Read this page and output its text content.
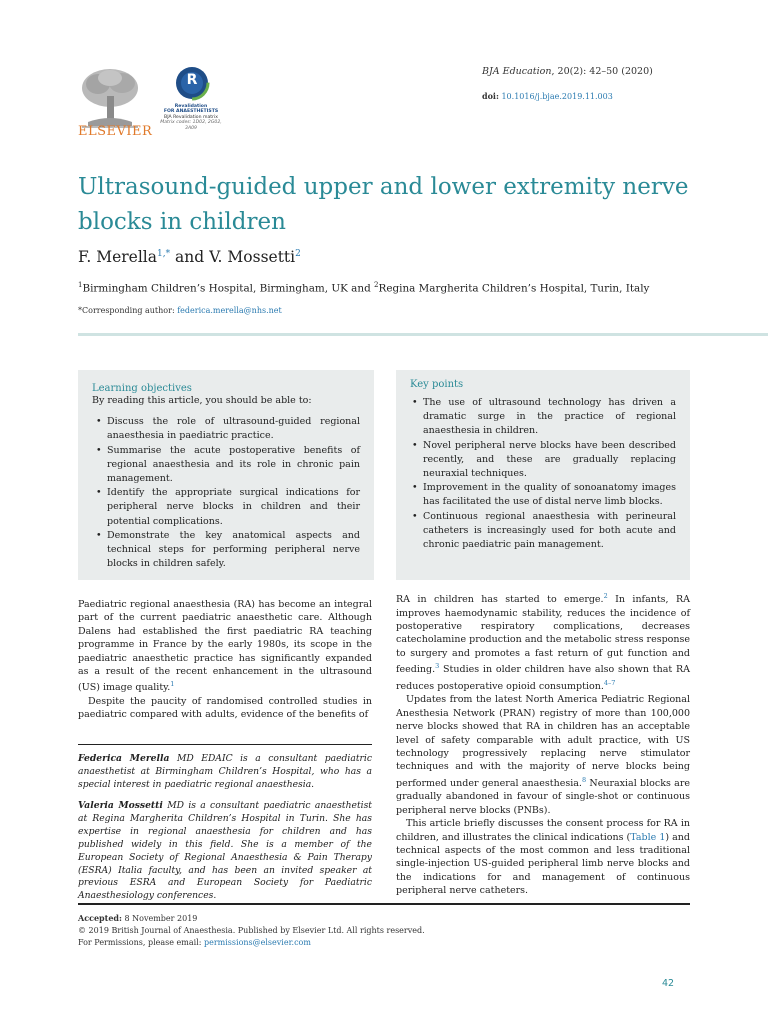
ELSEVIER
R
Revalidation
FOR ANAESTHETISTS
BJA Revalidation matrix
Matrix codes: 1D02, 2G02, 3A09
BJA Education, 20(2): 42–50 (2020)
doi: 10.1016/j.bjae.2019.11.003
Ultrasound-guided upper and lower extremity nerve blocks in children
F. Merella$^{1,*}$ and V. Mossetti$^2$
$^1$Birmingham Children’s Hospital, Birmingham, UK and $^2$Regina Margherita Children’s Hospital, Turin, Italy
*Corresponding author: federica.merella@nhs.net
Learning objectives
By reading this article, you should be able to:
• Discuss the role of ultrasound-guided regional anaesthesia in paediatric practice.
• Summarise the acute postoperative benefits of regional anaesthesia and its role in chronic pain management.
• Identify the appropriate surgical indications for peripheral nerve blocks in children and their potential complications.
• Demonstrate the key anatomical aspects and technical steps for performing peripheral nerve blocks in children safely.
Key points
• The use of ultrasound technology has driven a dramatic surge in the practice of regional anaesthesia in children.
• Novel peripheral nerve blocks have been described recently, and these are gradually replacing neuraxial techniques.
• Improvement in the quality of sonoanatomy images has facilitated the use of distal nerve limb blocks.
• Continuous regional anaesthesia with perineural catheters is increasingly used for both acute and chronic paediatric pain management.

Paediatric regional anaesthesia (RA) has become an integral part of the current paediatric anaesthetic care. Although Dalens had established the first paediatric RA teaching programme in France by the early 1980s, its scope in the paediatric anaesthetic practice has significantly expanded as a result of the recent enhancement in the ultrasound (US) image quality.$^1$

Despite the paucity of randomised controlled studies in paediatric compared with adults, evidence of the benefits of

RA in children has started to emerge.$^2$ In infants, RA improves haemodynamic stability, reduces the incidence of postoperative respiratory complications, decreases catecholamine production and the metabolic stress response to surgery and promotes a fast return of gut function and feeding.$^3$ Studies in older children have also shown that RA reduces postoperative opioid consumption.$^{4-7}$

Updates from the latest North America Pediatric Regional Anesthesia Network (PRAN) registry of more than 100,000 nerve blocks showed that RA in children has an acceptable level of safety comparable with adult practice, with US technology progressively replacing nerve stimulator techniques and with the majority of nerve blocks being performed under general anaesthesia.$^8$ Neuraxial blocks are gradually abandoned in favour of single-shot or continuous peripheral nerve blocks (PNBs).

This article briefly discusses the consent process for RA in children, and illustrates the clinical indications (Table 1) and technical aspects of the most common and less traditional single-injection US-guided peripheral limb nerve blocks and the indications for and management of continuous peripheral nerve catheters.

Federica Merella MD EDAIC is a consultant paediatric anaesthetist at Birmingham Children’s Hospital, who has a special interest in paediatric regional anaesthesia.
Valeria Mossetti MD is a consultant paediatric anaesthetist at Regina Margherita Children’s Hospital in Turin. She has expertise in regional anaesthesia for children and has published widely in this field. She is a member of the European Society of Regional Anaesthesia & Pain Therapy (ESRA) Italia faculty, and has been an invited speaker at previous ESRA and European Society for Paediatric Anaesthesiology conferences.
Accepted: 8 November 2019
© 2019 British Journal of Anaesthesia. Published by Elsevier Ltd. All rights reserved.
For Permissions, please email: permissions@elsevier.com
42
